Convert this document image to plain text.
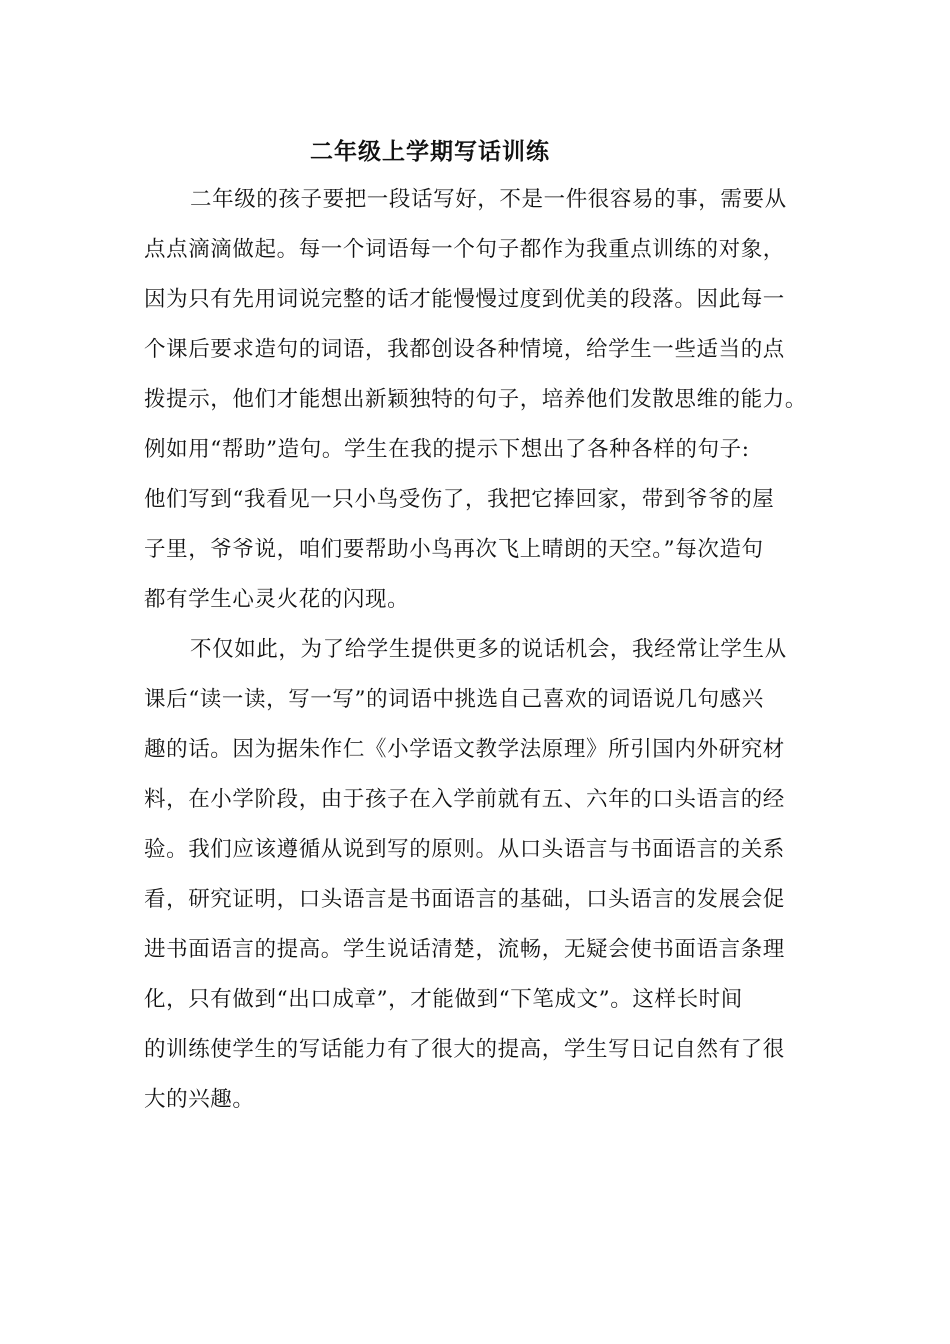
二年级上学期写话训练
二年级的孩子要把一段话写好，不是一件很容易的事，需要从
点点滴滴做起。每一个词语每一个句子都作为我重点训练的对象，
因为只有先用词说完整的话才能慢慢过度到优美的段落。因此每一
个课后要求造句的词语，我都创设各种情境，给学生一些适当的点
拨提示，他们才能想出新颖独特的句子，培养他们发散思维的能力。
例如用“帮助”造句。学生在我的提示下想出了各种各样的句子:
他们写到“我看见一只小鸟受伤了，我把它捧回家，带到爷爷的屋
子里，爷爷说，咱们要帮助小鸟再次飞上晴朗的天空。”每次造句
都有学生心灵火花的闪现。
不仅如此，为了给学生提供更多的说话机会，我经常让学生从
课后“读一读，写一写”的词语中挑选自己喜欢的词语说几句感兴
趣的话。因为据朱作仁《小学语文教学法原理》所引国内外研究材
料，在小学阶段，由于孩子在入学前就有五、六年的口头语言的经
验。我们应该遵循从说到写的原则。从口头语言与书面语言的关系
看，研究证明，口头语言是书面语言的基础，口头语言的发展会促
进书面语言的提高。学生说话清楚，流畅，无疑会使书面语言条理
化，只有做到“出口成章”，才能做到“下笔成文”。这样长时间
的训练使学生的写话能力有了很大的提高，学生写日记自然有了很
大的兴趣。
